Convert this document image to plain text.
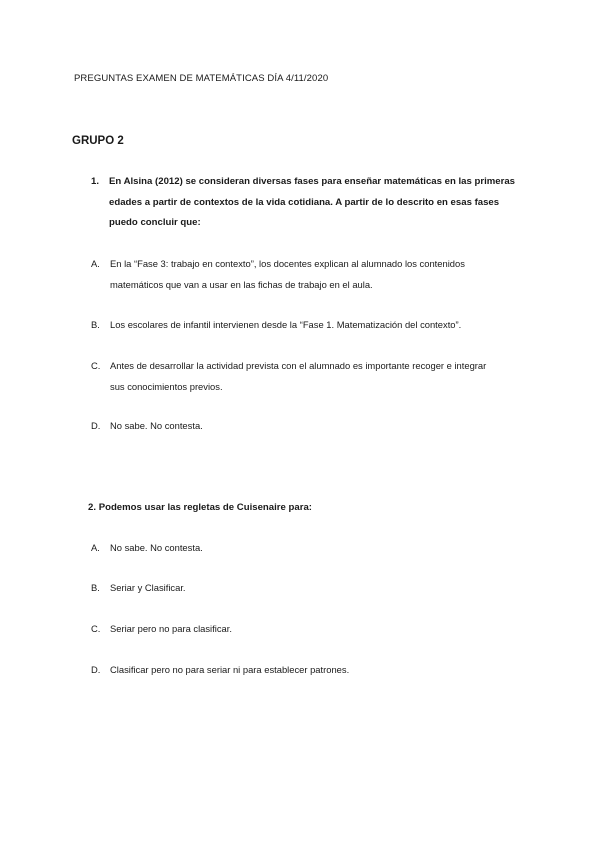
PREGUNTAS EXAMEN DE MATEMÁTICAS DÍA 4/11/2020
GRUPO 2
1. En Alsina (2012) se consideran diversas fases para enseñar matemáticas en las primeras
edades a partir de contextos de la vida cotidiana. A partir de lo descrito en esas fases
puedo concluir que:
A. En la “Fase 3: trabajo en contexto”, los docentes explican al alumnado los contenidos
matemáticos que van a usar en las fichas de trabajo en el aula.
B. Los escolares de infantil intervienen desde la “Fase 1. Matematización del contexto”.
C. Antes de desarrollar la actividad prevista con el alumnado es importante recoger e integrar
sus conocimientos previos.
D. No sabe. No contesta.
2. Podemos usar las regletas de Cuisenaire para:
A. No sabe. No contesta.
B. Seriar y Clasificar.
C. Seriar pero no para clasificar.
D. Clasificar pero no para seriar ni para establecer patrones.
